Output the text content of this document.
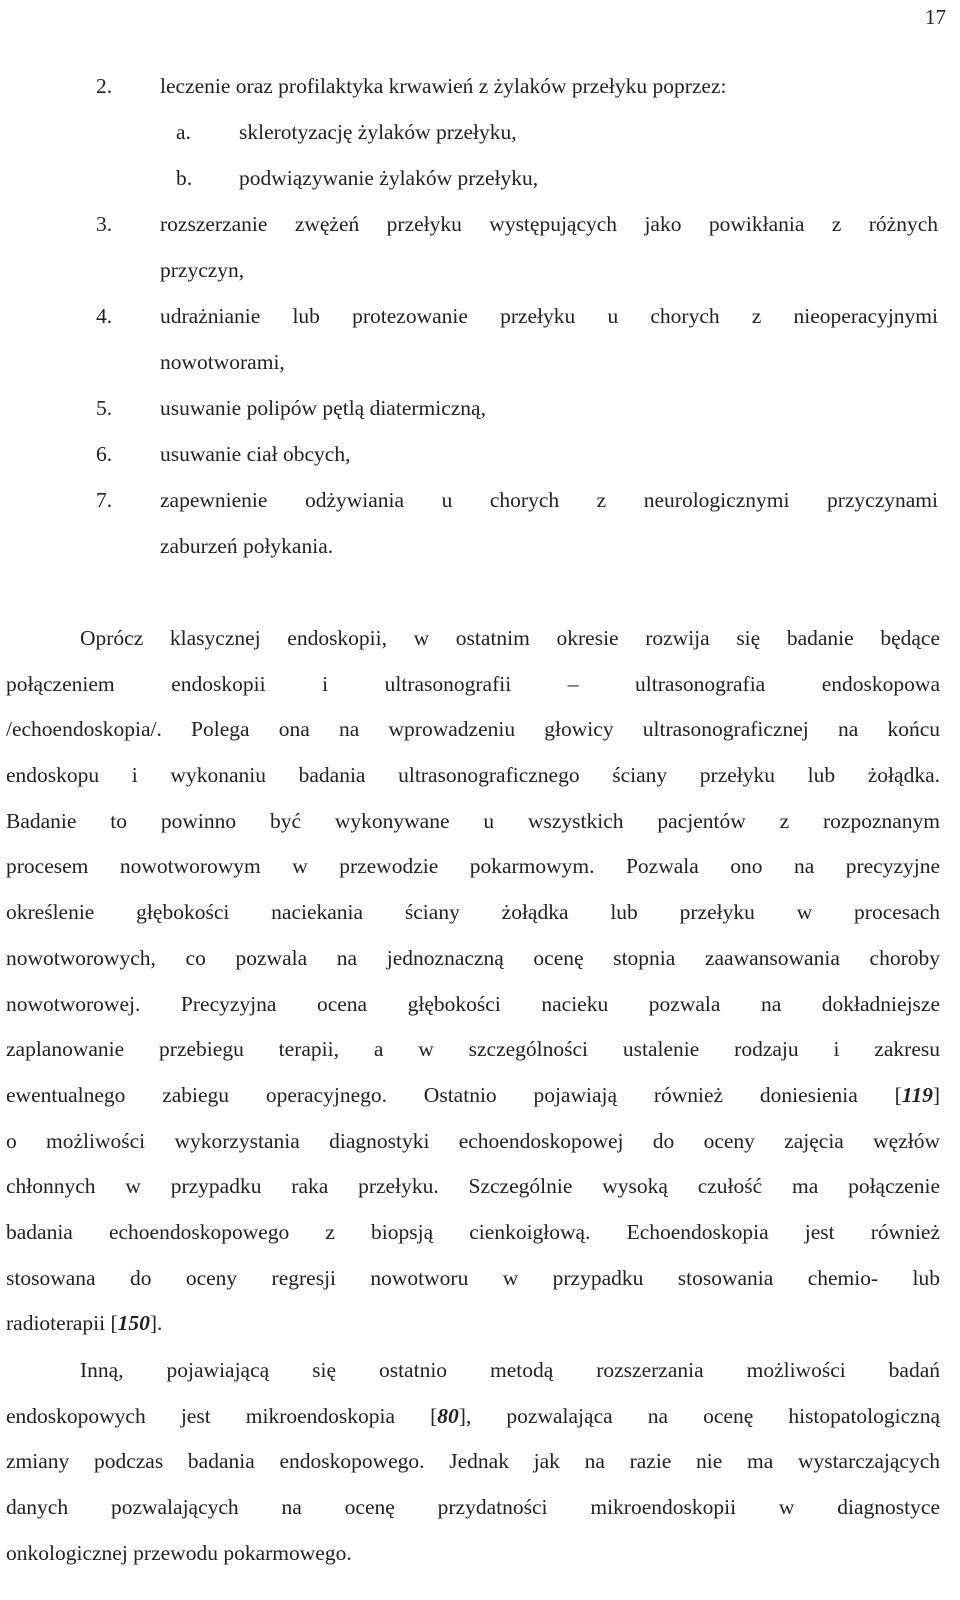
17
2. leczenie oraz profilaktyka krwawień z żylaków przełyku poprzez:
a. sklerotyzację żylaków przełyku,
b. podwiązywanie żylaków przełyku,
3. rozszerzanie zwężeń przełyku występujących jako powikłania z różnych
przyczyn,
4. udrażnianie lub protezowanie przełyku u chorych z nieoperacyjnymi
nowotworami,
5. usuwanie polipów pętlą diatermiczną,
6. usuwanie ciał obcych,
7. zapewnienie odżywiania u chorych z neurologicznymi przyczynami
zaburzeń połykania.
Oprócz klasycznej endoskopii, w ostatnim okresie rozwija się badanie będące
połączeniem endoskopii i ultrasonografii – ultrasonografia endoskopowa
/echoendoskopia/. Polega ona na wprowadzeniu głowicy ultrasonograficznej na końcu
endoskopu i wykonaniu badania ultrasonograficznego ściany przełyku lub żołądka.
Badanie to powinno być wykonywane u wszystkich pacjentów z rozpoznanym
procesem nowotworowym w przewodzie pokarmowym. Pozwala ono na precyzyjne
określenie głębokości naciekania ściany żołądka lub przełyku w procesach
nowotworowych, co pozwala na jednoznaczną ocenę stopnia zaawansowania choroby
nowotworowej. Precyzyjna ocena głębokości nacieku pozwala na dokładniejsze
zaplanowanie przebiegu terapii, a w szczególności ustalenie rodzaju i zakresu
ewentualnego zabiegu operacyjnego. Ostatnio pojawiają również doniesienia [119]
o możliwości wykorzystania diagnostyki echoendoskopowej do oceny zajęcia węzłów
chłonnych w przypadku raka przełyku. Szczególnie wysoką czułość ma połączenie
badania echoendoskopowego z biopsją cienkoigłową. Echoendoskopia jest również
stosowana do oceny regresji nowotworu w przypadku stosowania chemio- lub
radioterapii [150].
Inną, pojawiającą się ostatnio metodą rozszerzania możliwości badań
endoskopowych jest mikroendoskopia [80], pozwalająca na ocenę histopatologiczną
zmiany podczas badania endoskopowego. Jednak jak na razie nie ma wystarczających
danych pozwalających na ocenę przydatności mikroendoskopii w diagnostyce
onkologicznej przewodu pokarmowego.
